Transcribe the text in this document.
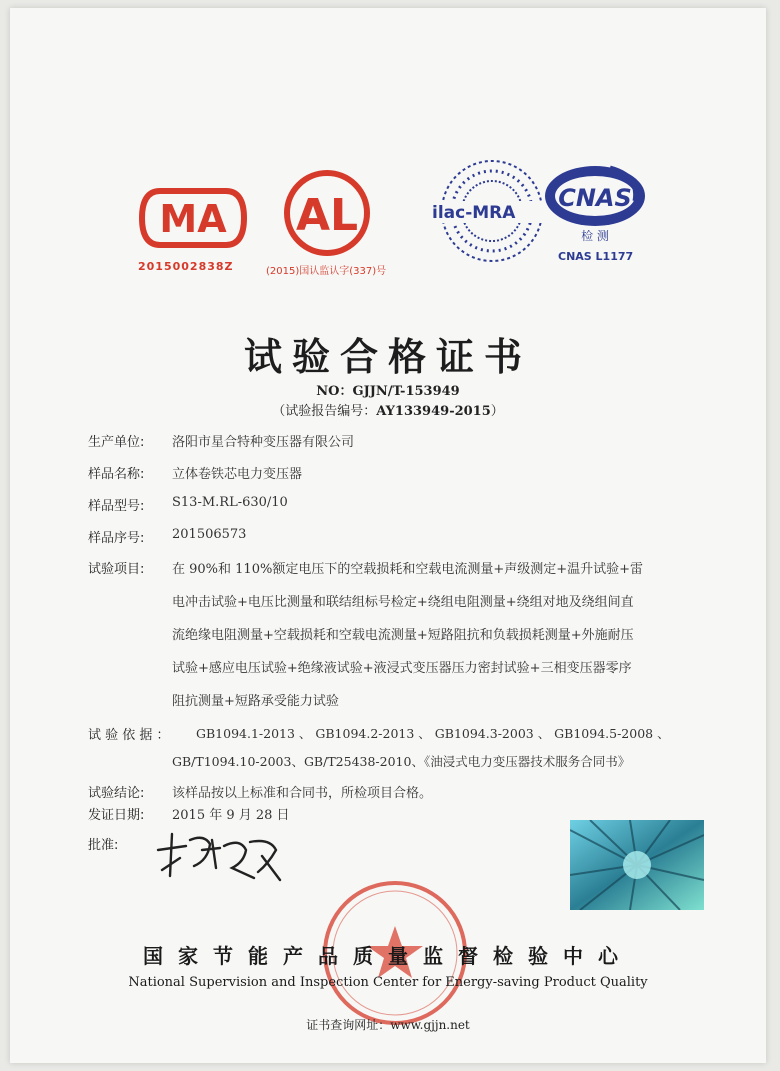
MA
2015002838Z
AL
(2015)国认监认字(337)号
ilac-MRA
CNAS
检 测
CNAS L1177
试验合格证书
NO：GJJN/T-153949
（试验报告编号：AY133949-2015）
生产单位: 洛阳市星合特种变压器有限公司
样品名称: 立体卷铁芯电力变压器
样品型号: S13-M.RL-630/10
样品序号: 201506573
试验项目: 在 90%和 110%额定电压下的空载损耗和空载电流测量+声级测定+温升试验+雷
电冲击试验+电压比测量和联结组标号检定+绕组电阻测量+绕组对地及绕组间直
流绝缘电阻测量+空载损耗和空载电流测量+短路阻抗和负载损耗测量+外施耐压
试验+感应电压试验+绝缘液试验+液浸式变压器压力密封试验+三相变压器零序
阻抗测量+短路承受能力试验
试 验 依 据 ： GB1094.1-2013 、 GB1094.2-2013 、 GB1094.3-2003 、 GB1094.5-2008 、
GB/T1094.10-2003、GB/T25438-2010、《油浸式电力变压器技术服务合同书》
试验结论: 该样品按以上标准和合同书，所检项目合格。
发证日期: 2015 年 9 月 28 日
批准:
国家节能产品质量监督检验中心
National Supervision and Inspection Center for Energy-saving Product Quality
证书查询网址：www.gjjn.net
